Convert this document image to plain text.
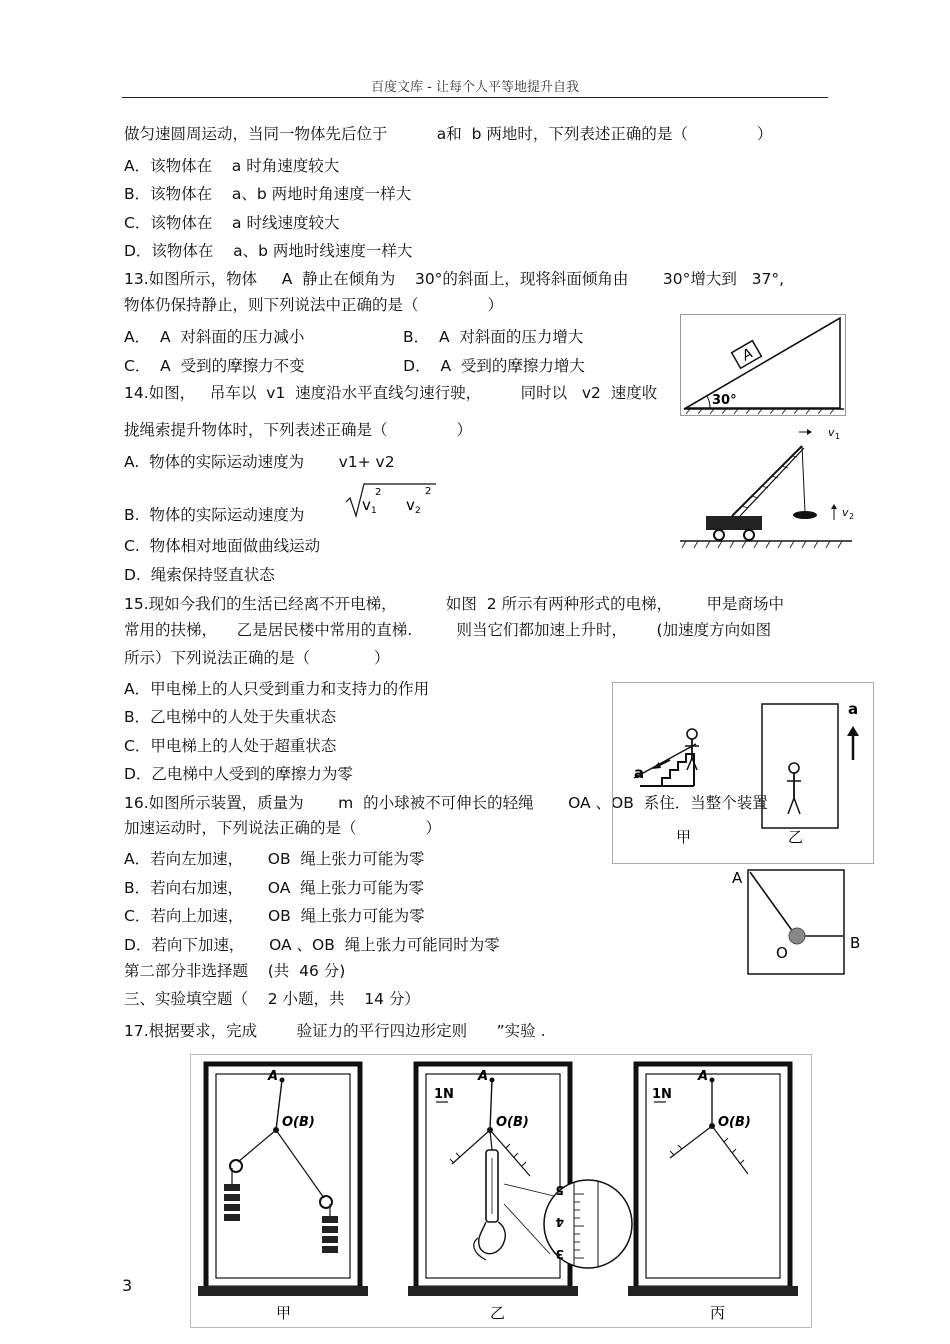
百度文库 - 让每个人平等地提升自我
做匀速圆周运动，当同一物体先后位于          a和  b 两地时，下列表述正确的是（              ）
A．该物体在    a 时角速度较大
B．该物体在    a、b 两地时角速度一样大
C．该物体在    a 时线速度较大
D．该物体在    a、b 两地时线速度一样大
13.如图所示，物体     A  静止在倾角为    30°的斜面上，现将斜面倾角由       30°增大到   37°,
物体仍保持静止，则下列说法中正确的是（              ）
A．  A  对斜面的压力减小                    B．  A  对斜面的压力增大
C．  A  受到的摩擦力不变                    D．  A  受到的摩擦力增大
14.如图，   吊车以  v1  速度沿水平直线匀速行驶，        同时以   v2  速度收
拢绳索提升物体时，下列表述正确是（              ）
A.  物体的实际运动速度为       v1+ v2
B.  物体的实际运动速度为
v 1
2
v 2
2
C.  物体相对地面做曲线运动
D.  绳索保持竖直状态
15.现如今我们的生活已经离不开电梯，          如图  2 所示有两种形式的电梯，       甲是商场中
常用的扶梯，    乙是居民楼中常用的直梯.         则当它们都加速上升时，      (加速度方向如图
所示）下列说法正确的是（             ）
A．甲电梯上的人只受到重力和支持力的作用
B．乙电梯中的人处于失重状态
C．甲电梯上的人处于超重状态
D．乙电梯中人受到的摩擦力为零
16.如图所示装置，质量为       m  的小球被不可伸长的轻绳       OA 、OB  系住．当整个装置
加速运动时，下列说法正确的是（              ）
A．若向左加速，     OB  绳上张力可能为零
B．若向右加速，     OA  绳上张力可能为零
C．若向上加速，     OB  绳上张力可能为零
D．若向下加速，     OA 、OB  绳上张力可能同时为零
第二部分非选择题    (共  46 分)
三、实验填空题（    2 小题，共    14 分）
17.根据要求，完成        验证力的平行四边形定则      ”实验 .
A
30°
v 1
v 2
a
甲
a
乙
A
B
O
A
O(B)
甲
1N
A
O(B)
5
4
3
乙
1N
A
O(B)
丙
3
